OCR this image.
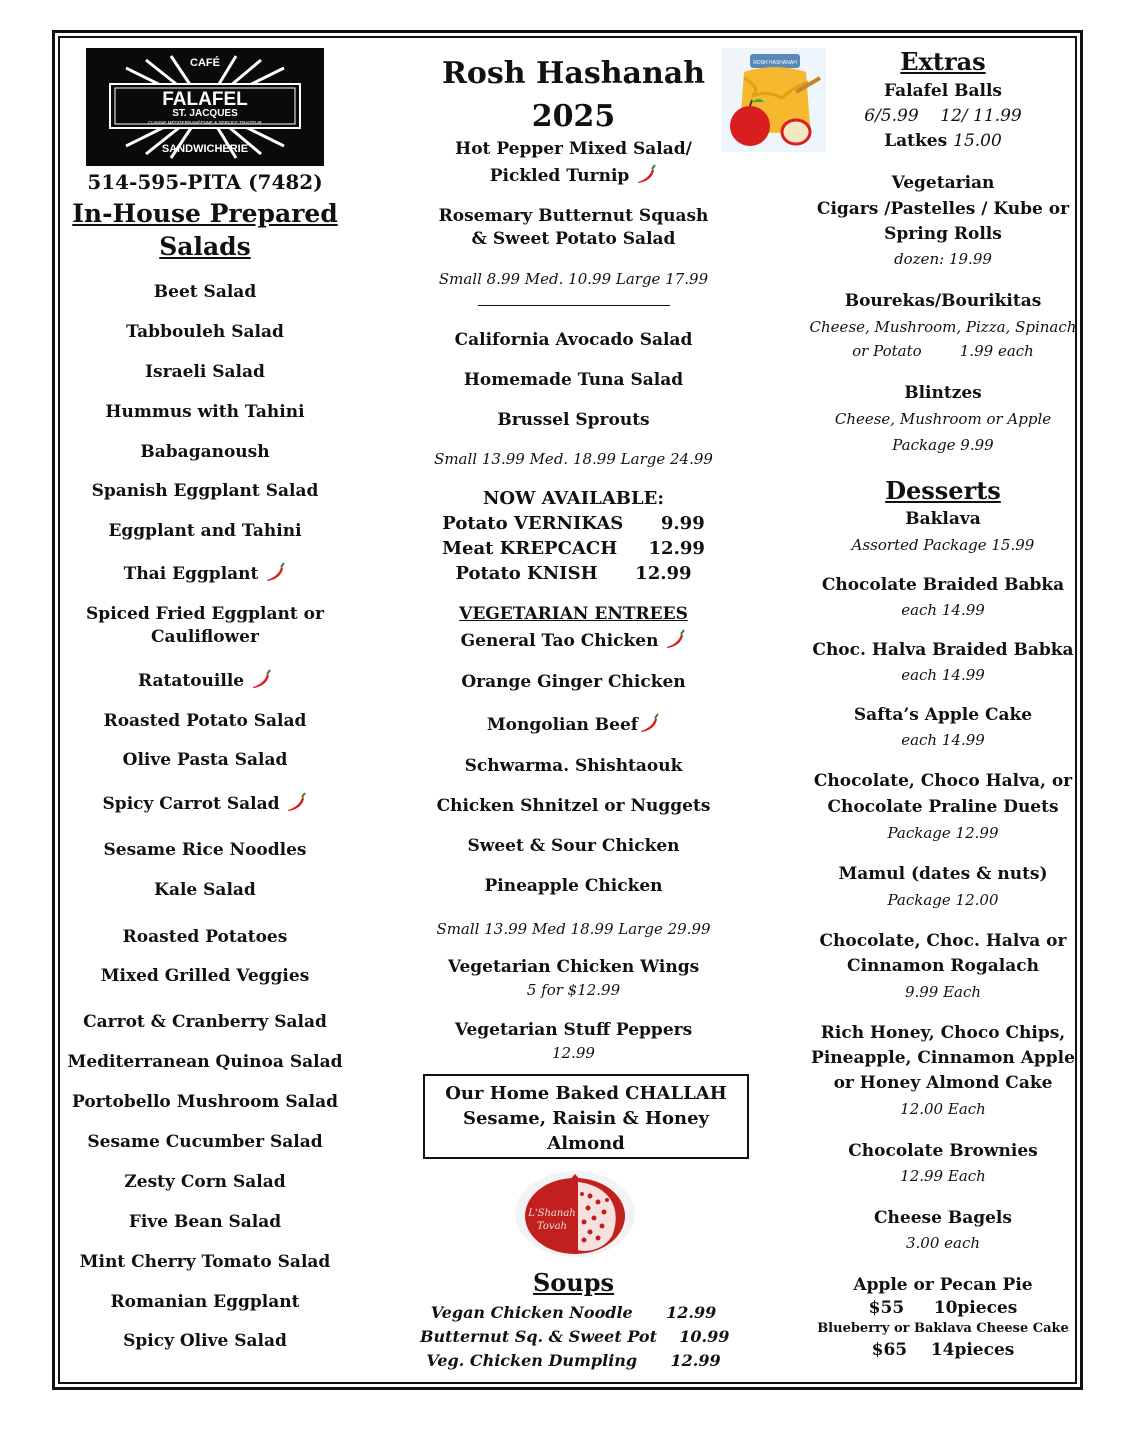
CAFÉ
FALAFEL
ST. JACQUES
CUISINE MÉDITERRANÉENNE & SERVICE TRAITEUR
SANDWICHERIE
514-595-PITA (7482)
In-House Prepared
Salads
Beet Salad
Tabbouleh Salad
Israeli Salad
Hummus with Tahini
Babaganoush
Spanish Eggplant Salad
Eggplant and Tahini
Thai Eggplant
Spiced Fried Eggplant or
Cauliflower
Ratatouille
Roasted Potato Salad
Olive Pasta Salad
Spicy Carrot Salad
Sesame Rice Noodles
Kale Salad
Roasted Potatoes
Mixed Grilled Veggies
Carrot & Cranberry Salad
Mediterranean Quinoa Salad
Portobello Mushroom Salad
Sesame Cucumber Salad
Zesty Corn Salad
Five Bean Salad
Mint Cherry Tomato Salad
Romanian Eggplant
Spicy Olive Salad
Rosh Hashanah
2025
Hot Pepper Mixed Salad/
Pickled Turnip
Rosemary Butternut Squash
& Sweet Potato Salad
Small 8.99 Med. 10.99 Large 17.99
California Avocado Salad
Homemade Tuna Salad
Brussel Sprouts
Small 13.99 Med. 18.99 Large 24.99
NOW AVAILABLE:
Potato VERNIKAS      9.99
Meat KREPCACH     12.99
Potato KNISH      12.99
VEGETARIAN ENTREES
General Tao Chicken
Orange Ginger Chicken
Mongolian Beef
Schwarma. Shishtaouk
Chicken Shnitzel or Nuggets
Sweet & Sour Chicken
Pineapple Chicken
Small 13.99 Med 18.99 Large 29.99
Vegetarian Chicken Wings
5 for $12.99
Vegetarian Stuff Peppers
12.99
Our Home Baked CHALLAH
Sesame, Raisin & Honey
Almond
L'Shanah
Tovah
Soups
Vegan Chicken Noodle      12.99
Butternut Sq. & Sweet Pot    10.99
Veg. Chicken Dumpling      12.99
ROSH HASHANAH	Extras
Falafel Balls
6/5.99    12/ 11.99
Latkes 15.00
Vegetarian
Cigars /Pastelles / Kube or
Spring Rolls
dozen: 19.99
Bourekas/Bourikitas
Cheese, Mushroom, Pizza, Spinach
or Potato        1.99 each
Blintzes
Cheese, Mushroom or Apple
Package 9.99
Desserts
Baklava
Assorted Package 15.99
Chocolate Braided Babka
each 14.99
Choc. Halva Braided Babka
each 14.99
Safta’s Apple Cake
each 14.99
Chocolate, Choco Halva, or
Chocolate Praline Duets
Package 12.99
Mamul (dates & nuts)
Package 12.00
Chocolate, Choc. Halva or
Cinnamon Rogalach
9.99 Each
Rich Honey, Choco Chips,
Pineapple, Cinnamon Apple
or Honey Almond Cake
12.00 Each
Chocolate Brownies
12.99 Each
Cheese Bagels
3.00 each
Apple or Pecan Pie
$55     10pieces
Blueberry or Baklava Cheese Cake
$65    14pieces
